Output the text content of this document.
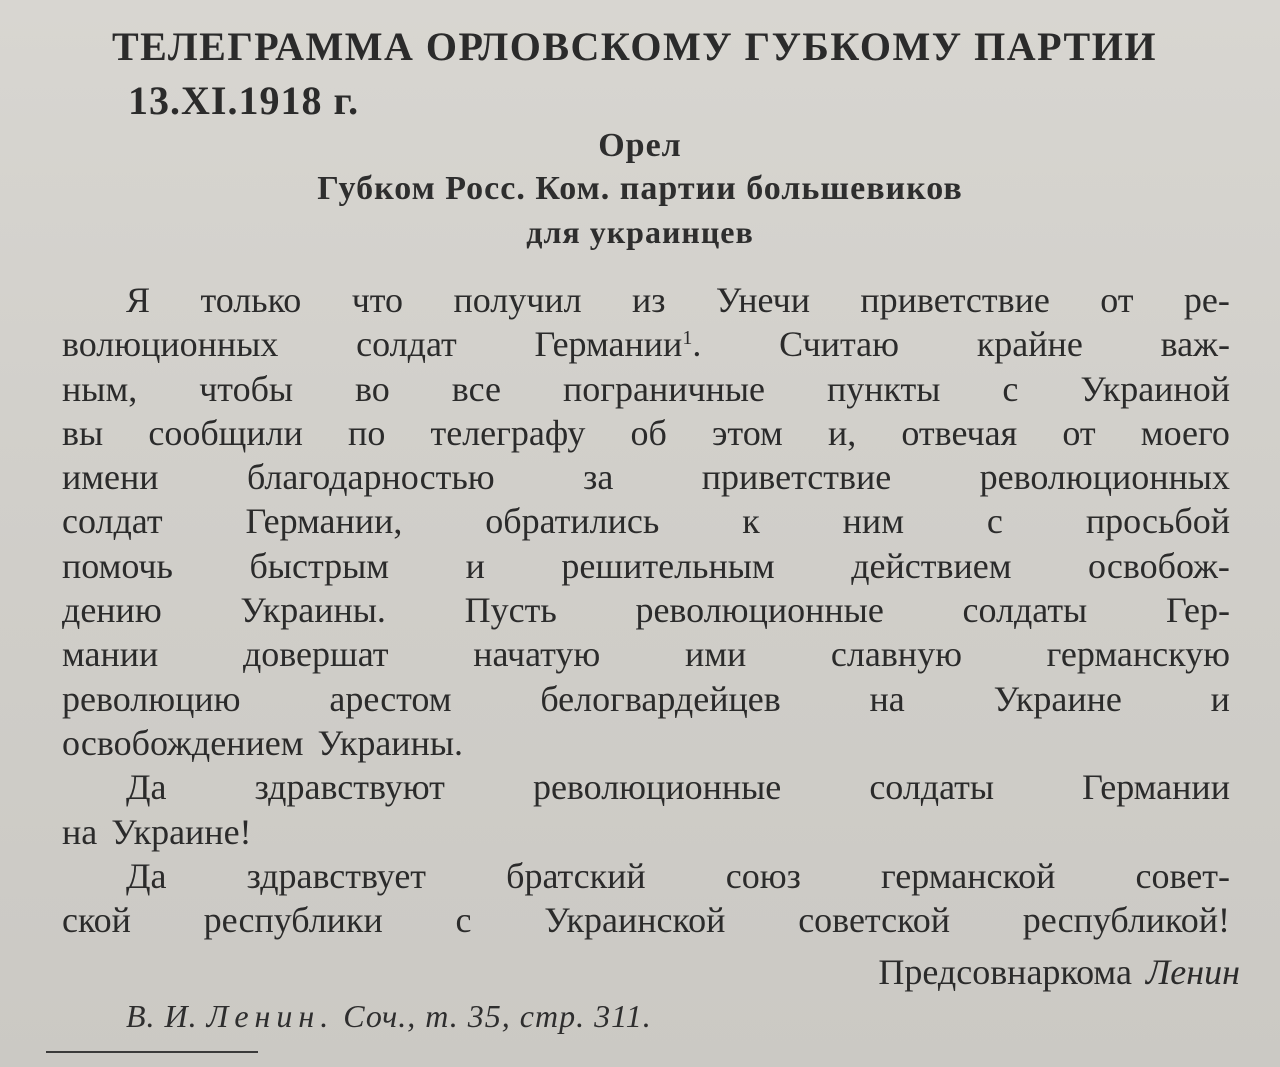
ТЕЛЕГРАММА ОРЛОВСКОМУ ГУБКОМУ ПАРТИИ
13.XI.1918 г.
Орел
Губком Росс. Ком. партии большевиков
для украинцев
Я только что получил из Унечи приветствие от ре-
волюционных солдат Германии$^1$. Считаю крайне важ-
ным, чтобы во все пограничные пункты с Украиной
вы сообщили по телеграфу об этом и, отвечая от моего
имени благодарностью за приветствие революционных
солдат Германии, обратились к ним с просьбой
помочь быстрым и решительным действием освобож-
дению Украины. Пусть революционные солдаты Гер-
мании довершат начатую ими славную германскую
революцию арестом белогвардейцев на Украине и
освобождением Украины.
Да здравствуют революционные солдаты Германии
на Украине!
Да здравствует братский союз германской совет-
ской республики с Украинской советской республикой!
Предсовнаркома Ленин
В. И. Ленин. Соч., т. 35, стр. 311.
